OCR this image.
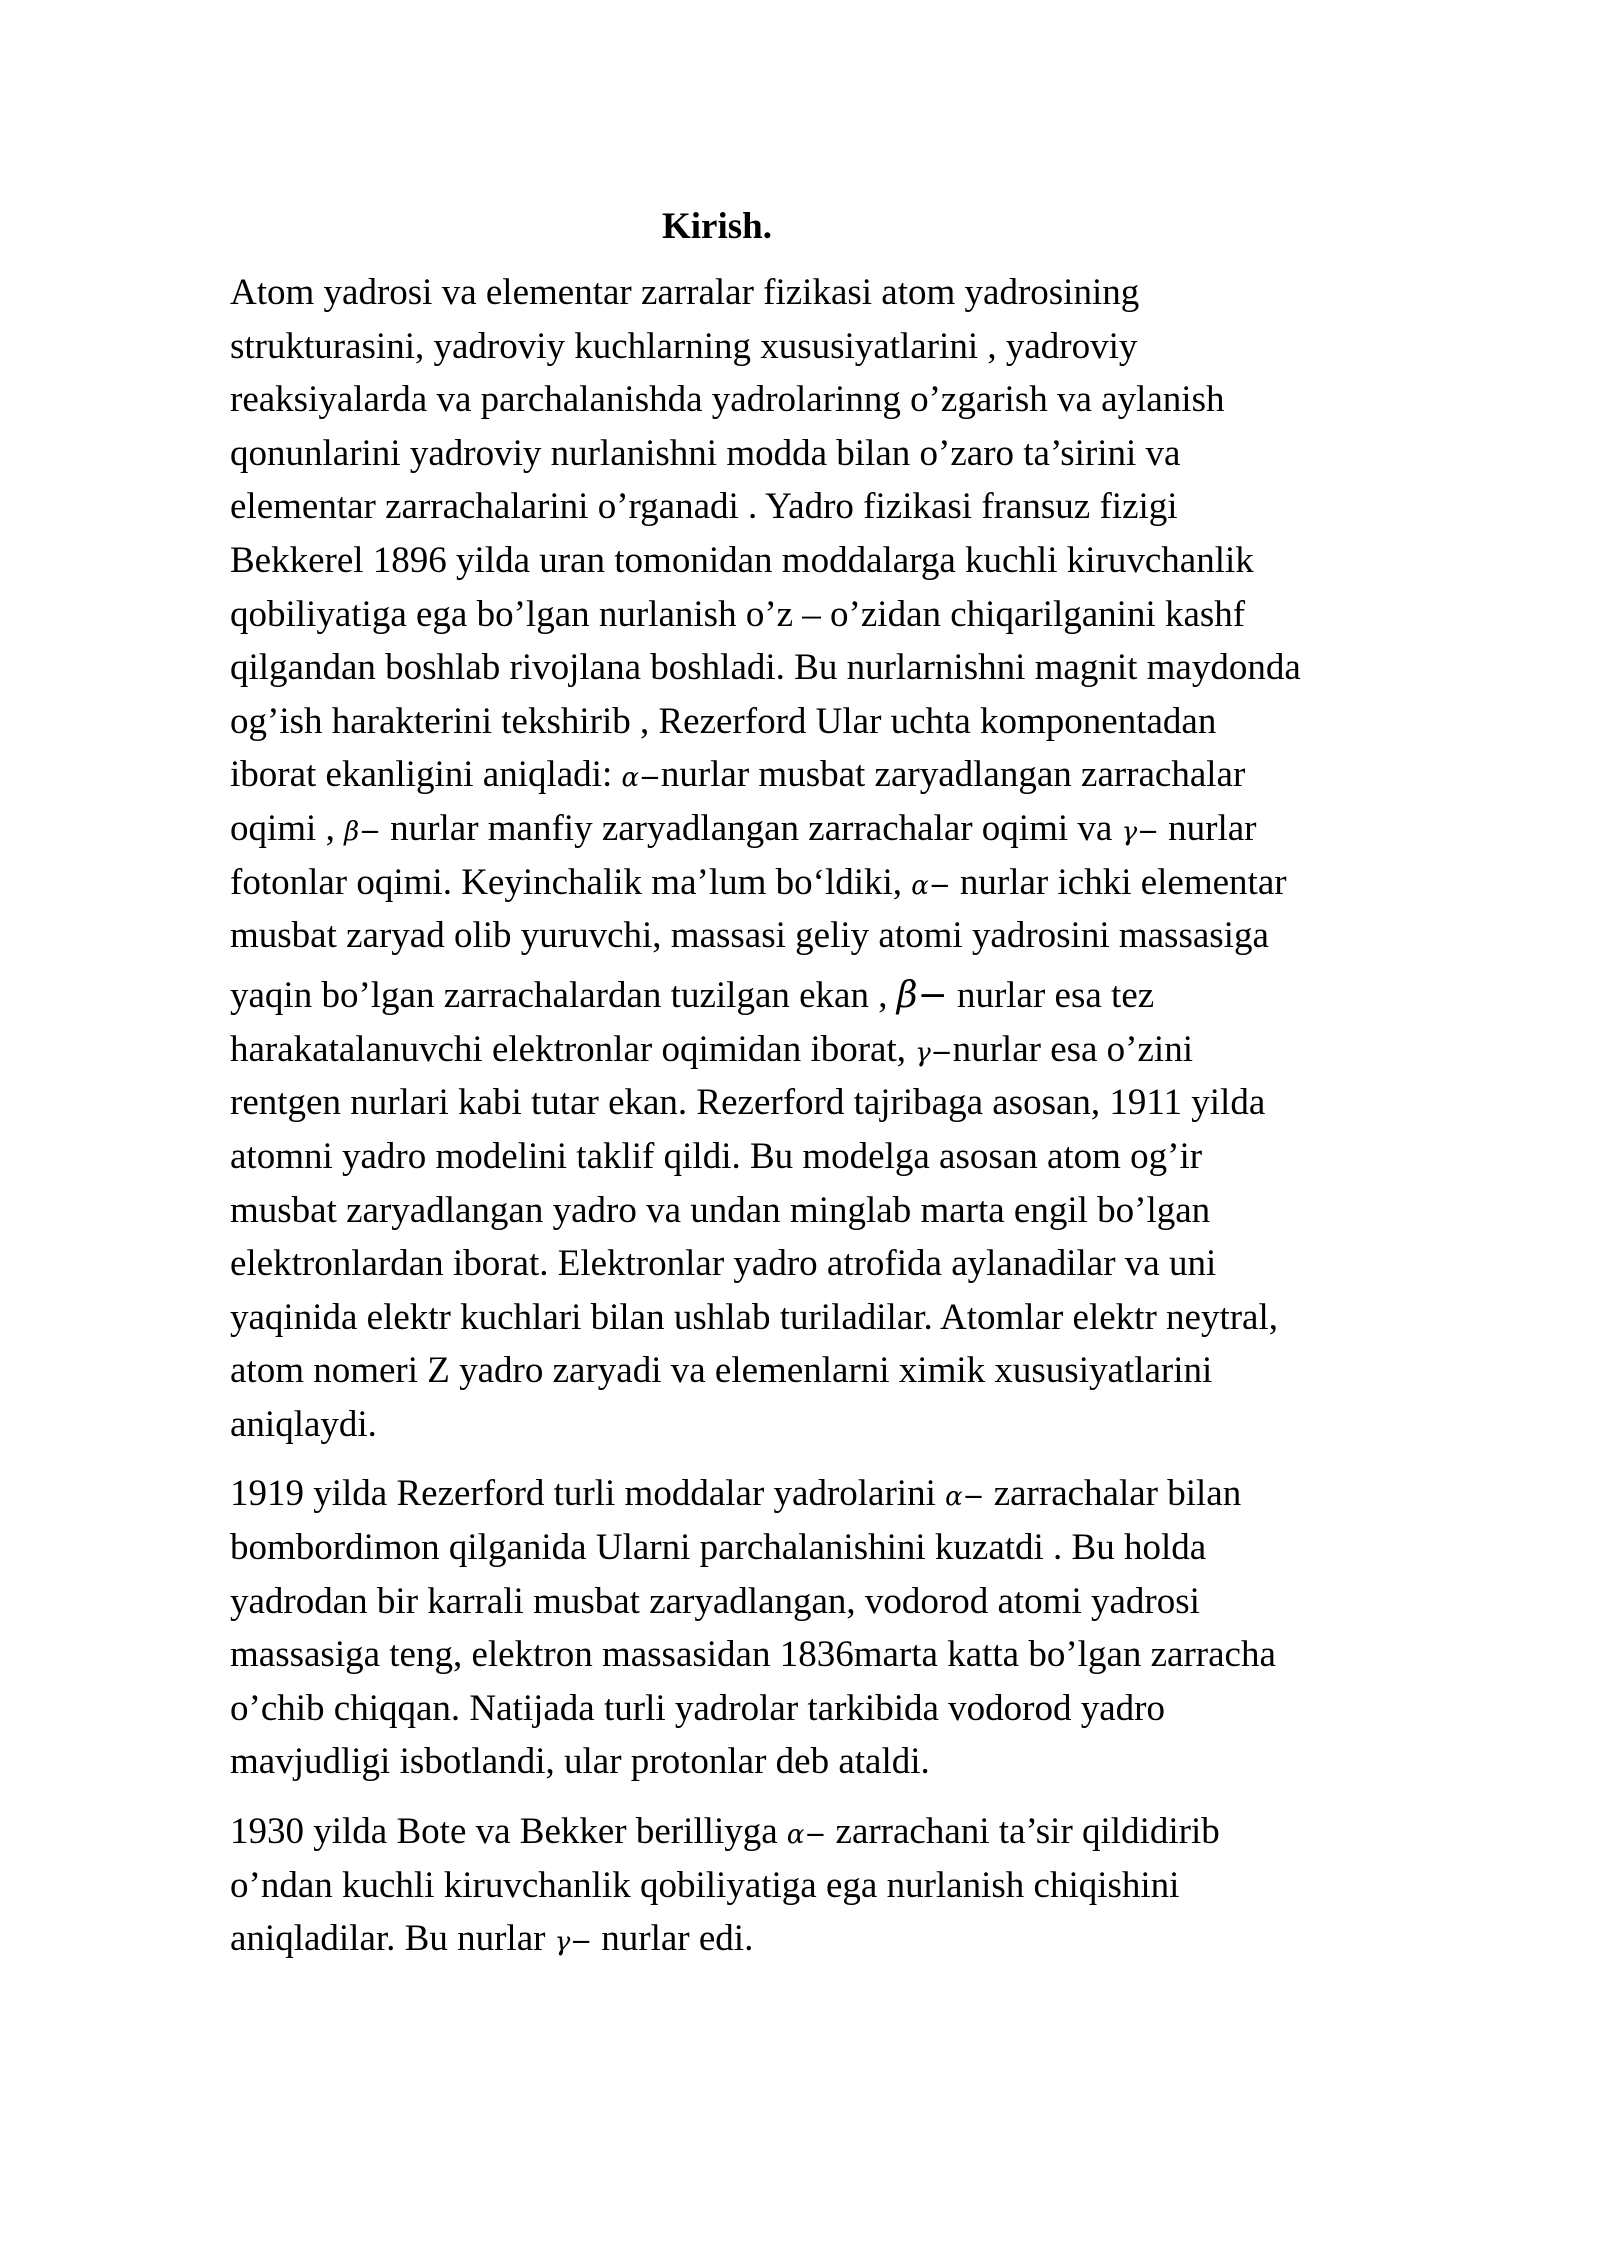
Kirish.
Atom yadrosi va elementar zarralar fizikasi atom yadrosining
strukturasini, yadroviy kuchlarning xususiyatlarini , yadroviy
reaksiyalarda va parchalanishda yadrolarinng o’zgarish va aylanish
qonunlarini yadroviy nurlanishni modda bilan o’zaro ta’sirini va
elementar zarrachalarini o’rganadi . Yadro fizikasi fransuz fizigi
Bekkerel 1896 yilda uran tomonidan moddalarga kuchli kiruvchanlik
qobiliyatiga ega bo’lgan nurlanish o’z – o’zidan chiqarilganini kashf
qilgandan boshlab rivojlana boshladi. Bu nurlarnishni magnit maydonda
og’ish harakterini tekshirib , Rezerford Ular uchta komponentadan
iborat ekanligini aniqladi: α−nurlar musbat zaryadlangan zarrachalar
oqimi , β− nurlar manfiy zaryadlangan zarrachalar oqimi va γ− nurlar
fotonlar oqimi. Keyinchalik ma’lum bo‘ldiki, α− nurlar ichki elementar
musbat zaryad olib yuruvchi, massasi geliy atomi yadrosini massasiga
yaqin bo’lgan zarrachalardan tuzilgan ekan , β− nurlar esa tez
harakatalanuvchi elektronlar oqimidan iborat, γ−nurlar esa o’zini
rentgen nurlari kabi tutar ekan. Rezerford tajribaga asosan, 1911 yilda
atomni yadro modelini taklif qildi. Bu modelga asosan atom og’ir
musbat zaryadlangan yadro va undan minglab marta engil bo’lgan
elektronlardan iborat. Elektronlar yadro atrofida aylanadilar va uni
yaqinida elektr kuchlari bilan ushlab turiladilar. Atomlar elektr neytral,
atom nomeri Z yadro zaryadi va elemenlarni ximik xususiyatlarini
aniqlaydi.
1919 yilda Rezerford turli moddalar yadrolarini α− zarrachalar bilan
bombordimon qilganida Ularni parchalanishini kuzatdi . Bu holda
yadrodan bir karrali musbat zaryadlangan, vodorod atomi yadrosi
massasiga teng, elektron massasidan 1836marta katta bo’lgan zarracha
o’chib chiqqan. Natijada turli yadrolar tarkibida vodorod yadro
mavjudligi isbotlandi, ular protonlar deb ataldi.
1930 yilda Bote va Bekker berilliyga α− zarrachani ta’sir qildidirib
o’ndan kuchli kiruvchanlik qobiliyatiga ega nurlanish chiqishini
aniqladilar. Bu nurlar γ− nurlar edi.
